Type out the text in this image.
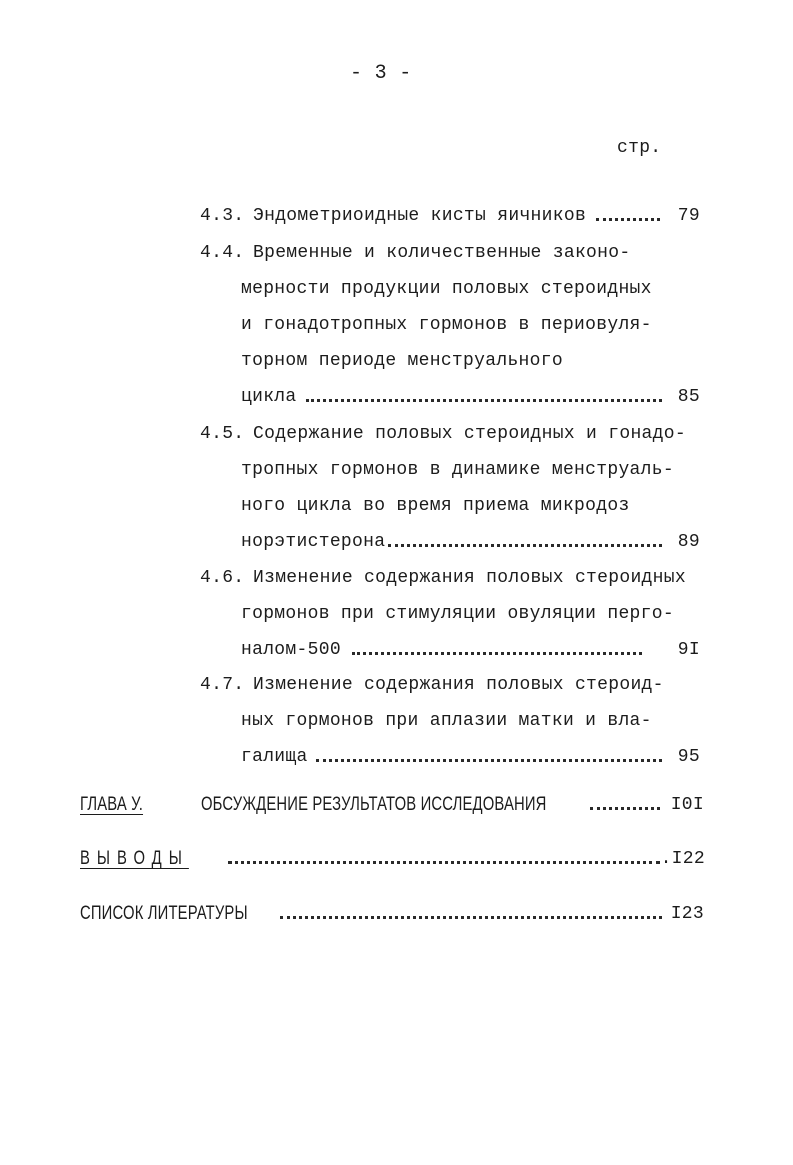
- 3 -
стр.
4.3. Эндометриоидные кисты яичников	79
4.4. Временные и количественные законо-
мерности продукции половых стероидных
и гонадотропных гормонов в периовуля-
торном периоде менструального
цикла	85
4.5. Содержание половых стероидных и гонадо-
тропных гормонов в динамике менструаль-
ного цикла во время приема микродоз
норэтистерона	89
4.6. Изменение содержания половых стероидных
гормонов при стимуляции овуляции перго-
налом-500	9I
4.7. Изменение содержания половых стероид-
ных гормонов при аплазии матки и вла-
галища	95
ГЛАВА У.	ОБСУЖДЕНИЕ РЕЗУЛЬТАТОВ ИССЛЕДОВАНИЯ	I0I
ВЫВОДЫ	.I22
СПИСОК ЛИТЕРАТУРЫ	I23
